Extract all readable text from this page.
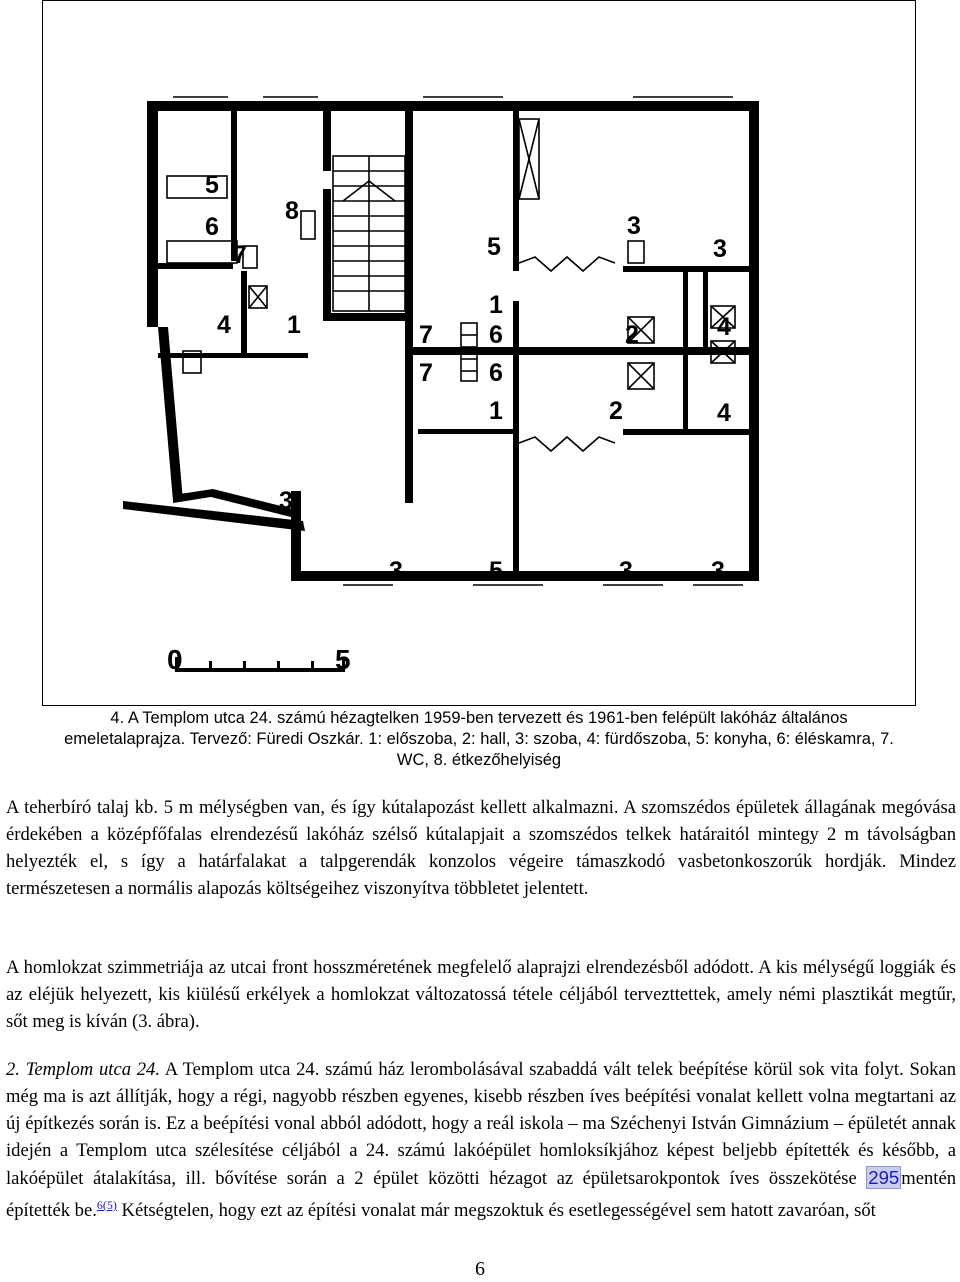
5
6
7
8
4 1
3
3
5
1
7 6
7 6
2	4
1	2	4
3
3	5	3	3
0	5
4. A Templom utca 24. számú hézagtelken 1959-ben tervezett és 1961-ben felépült lakóház általános
emeletalaprajza. Tervező: Füredi Oszkár. 1: előszoba, 2: hall, 3: szoba, 4: fürdőszoba, 5: konyha, 6: éléskamra, 7.
WC, 8. étkezőhelyiség
A teherbíró talaj kb. 5 m mélységben van, és így kútalapozást kellett alkalmazni. A szomszédos épületek állagának megóvása érdekében a középfőfalas elrendezésű lakóház szélső kútalapjait a szomszédos telkek határaitól mintegy 2 m távolságban helyezték el, s így a határfalakat a talpgerendák konzolos végeire támaszkodó vasbetonkoszorúk hordják. Mindez természetesen a normális alapozás költségeihez viszonyítva többletet jelentett.
A homlokzat szimmetriája az utcai front hosszméretének megfelelő alaprajzi elrendezésből adódott. A kis mélységű loggiák és az eléjük helyezett, kis kiülésű erkélyek a homlokzat változatossá tétele céljából tervezttettek, amely némi plasztikát megtűr, sőt meg is kíván (3. ábra).
2. Templom utca 24. A Templom utca 24. számú ház lerombolásával szabaddá vált telek beépítése körül sok vita folyt. Sokan még ma is azt állítják, hogy a régi, nagyobb részben egyenes, kisebb részben íves beépítési vonalat kellett volna megtartani az új építkezés során is. Ez a beépítési vonal abból adódott, hogy a reál iskola – ma Széchenyi István Gimnázium – épületét annak idején a Templom utca szélesítése céljából a 24. számú lakóépület homloksíkjához képest beljebb építették és később, a lakóépület átalakítása, ill. bővítése során a 2 épület közötti hézagot az épületsarokpontok íves összekötése 295 mentén építették be.$^{6(5)}$ Kétségtelen, hogy ezt az építési vonalat már megszoktuk és esetlegességével sem hatott zavaróan, sőt
6
